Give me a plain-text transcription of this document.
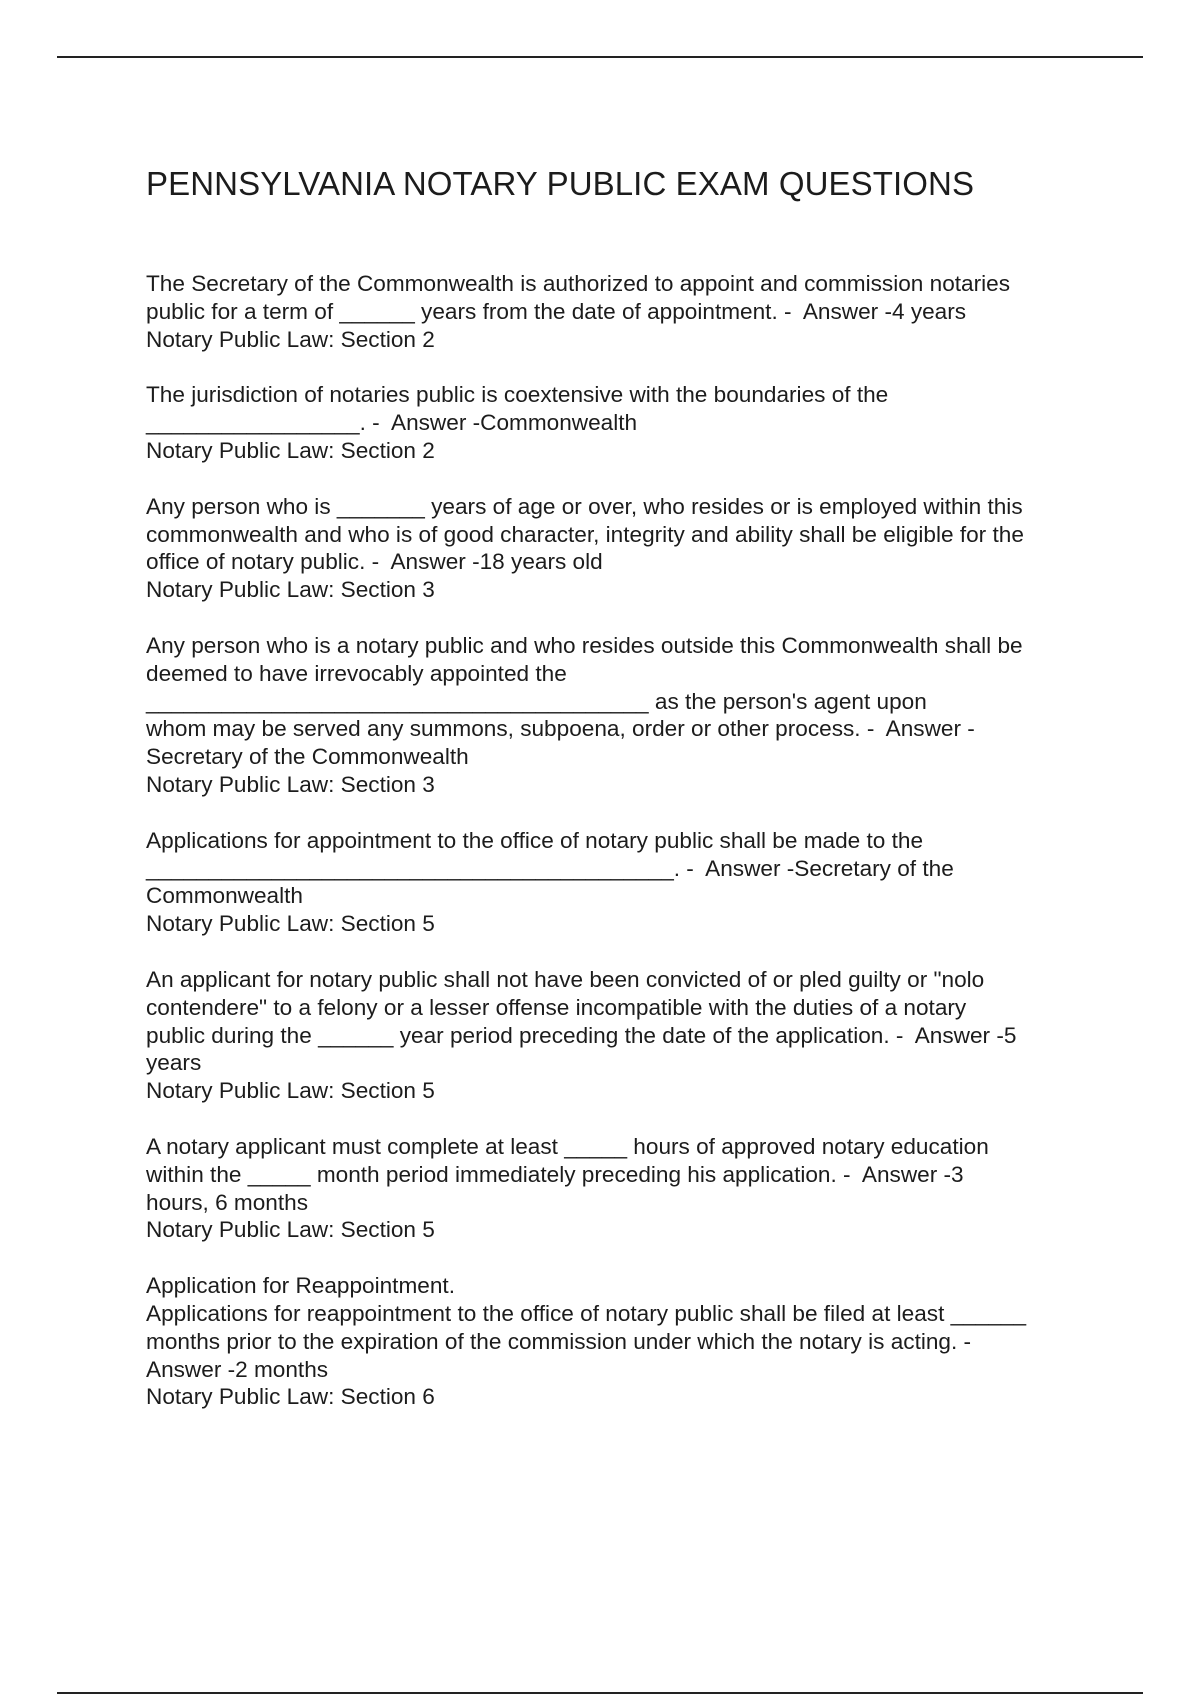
PENNSYLVANIA NOTARY PUBLIC EXAM QUESTIONS
The Secretary of the Commonwealth is authorized to appoint and commission notaries
public for a term of ______ years from the date of appointment. -  Answer -4 years
Notary Public Law: Section 2
The jurisdiction of notaries public is coextensive with the boundaries of the
_________________. -  Answer -Commonwealth
Notary Public Law: Section 2
Any person who is _______ years of age or over, who resides or is employed within this
commonwealth and who is of good character, integrity and ability shall be eligible for the
office of notary public. -  Answer -18 years old
Notary Public Law: Section 3
Any person who is a notary public and who resides outside this Commonwealth shall be
deemed to have irrevocably appointed the
________________________________________ as the person's agent upon
whom may be served any summons, subpoena, order or other process. -  Answer -
Secretary of the Commonwealth
Notary Public Law: Section 3
Applications for appointment to the office of notary public shall be made to the
__________________________________________. -  Answer -Secretary of the
Commonwealth
Notary Public Law: Section 5
An applicant for notary public shall not have been convicted of or pled guilty or "nolo
contendere" to a felony or a lesser offense incompatible with the duties of a notary
public during the ______ year period preceding the date of the application. -  Answer -5
years
Notary Public Law: Section 5
A notary applicant must complete at least _____ hours of approved notary education
within the _____ month period immediately preceding his application. -  Answer -3
hours, 6 months
Notary Public Law: Section 5
Application for Reappointment.
Applications for reappointment to the office of notary public shall be filed at least ______
months prior to the expiration of the commission under which the notary is acting. -
Answer -2 months
Notary Public Law: Section 6
